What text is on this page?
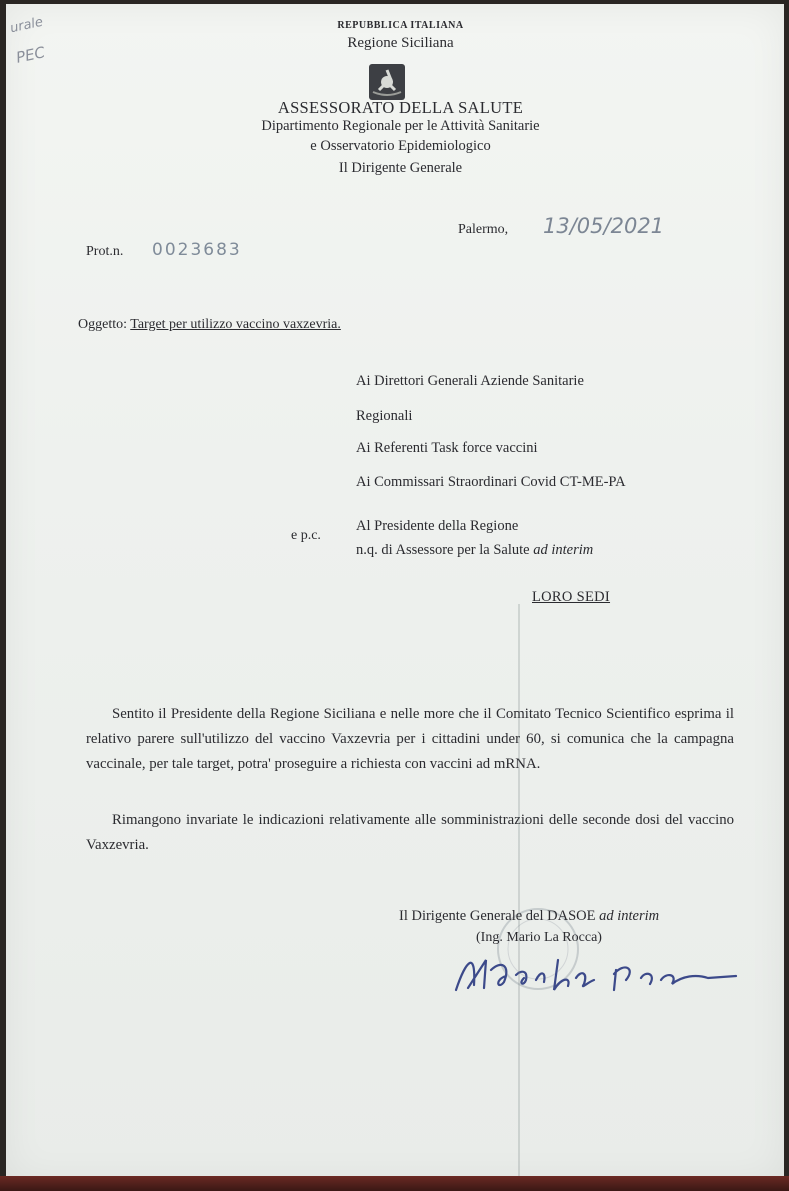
urale
PEC
REPUBBLICA ITALIANA
Regione Siciliana
ASSESSORATO DELLA SALUTE
Dipartimento Regionale per le Attività Sanitarie
e Osservatorio Epidemiologico
Il Dirigente Generale
Prot.n. 0023683
Palermo, 13/05/2021
Oggetto: Target per utilizzo vaccino vaxzevria.
Ai Direttori Generali Aziende Sanitarie
Regionali
Ai Referenti Task force vaccini
Ai Commissari Straordinari Covid CT-ME-PA
e p.c.
Al Presidente della Regione
n.q. di Assessore per la Salute ad interim
LORO SEDI
Sentito il Presidente della Regione Siciliana e nelle more che il Comitato Tecnico Scientifico esprima il relativo parere sull'utilizzo del vaccino Vaxzevria per i cittadini under 60, si comunica che la campagna vaccinale, per tale target, potra' proseguire a richiesta con vaccini ad mRNA.
Rimangono invariate le indicazioni relativamente alle somministrazioni delle seconde dosi del vaccino Vaxzevria.
Il Dirigente Generale del DASOE ad interim
(Ing. Mario La Rocca)
